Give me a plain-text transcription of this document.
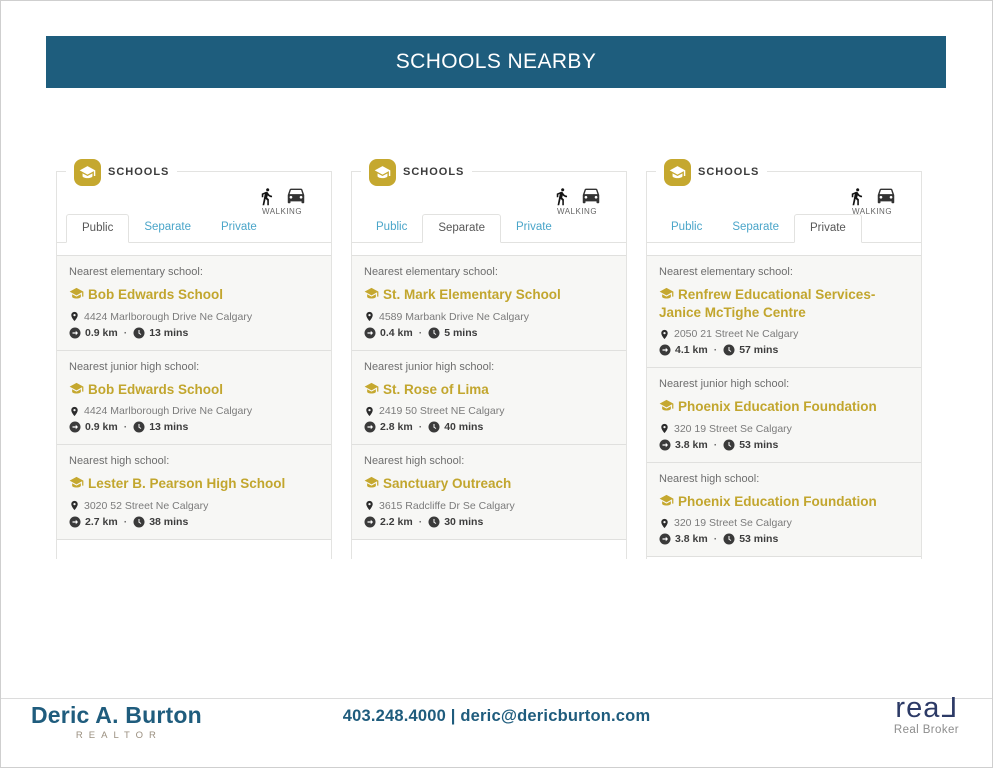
SCHOOLS NEARBY
SCHOOLS
WALKING
Public	Separate	Private
Nearest elementary school:
Bob Edwards School
4424 Marlborough Drive Ne Calgary
0.9 km · 13 mins
Nearest junior high school:
Bob Edwards School
4424 Marlborough Drive Ne Calgary
0.9 km · 13 mins
Nearest high school:
Lester B. Pearson High School
3020 52 Street Ne Calgary
2.7 km · 38 mins
SCHOOLS
WALKING
Public	Separate	Private
Nearest elementary school:
St. Mark Elementary School
4589 Marbank Drive Ne Calgary
0.4 km · 5 mins
Nearest junior high school:
St. Rose of Lima
2419 50 Street NE Calgary
2.8 km · 40 mins
Nearest high school:
Sanctuary Outreach
3615 Radcliffe Dr Se Calgary
2.2 km · 30 mins
SCHOOLS
WALKING
Public	Separate	Private
Nearest elementary school:
Renfrew Educational Services-Janice McTighe Centre
2050 21 Street Ne Calgary
4.1 km · 57 mins
Nearest junior high school:
Phoenix Education Foundation
320 19 Street Se Calgary
3.8 km · 53 mins
Nearest high school:
Phoenix Education Foundation
320 19 Street Se Calgary
3.8 km · 53 mins
Deric A. Burton
REALTOR
403.248.4000 | deric@dericburton.com	reaL
Real Broker
